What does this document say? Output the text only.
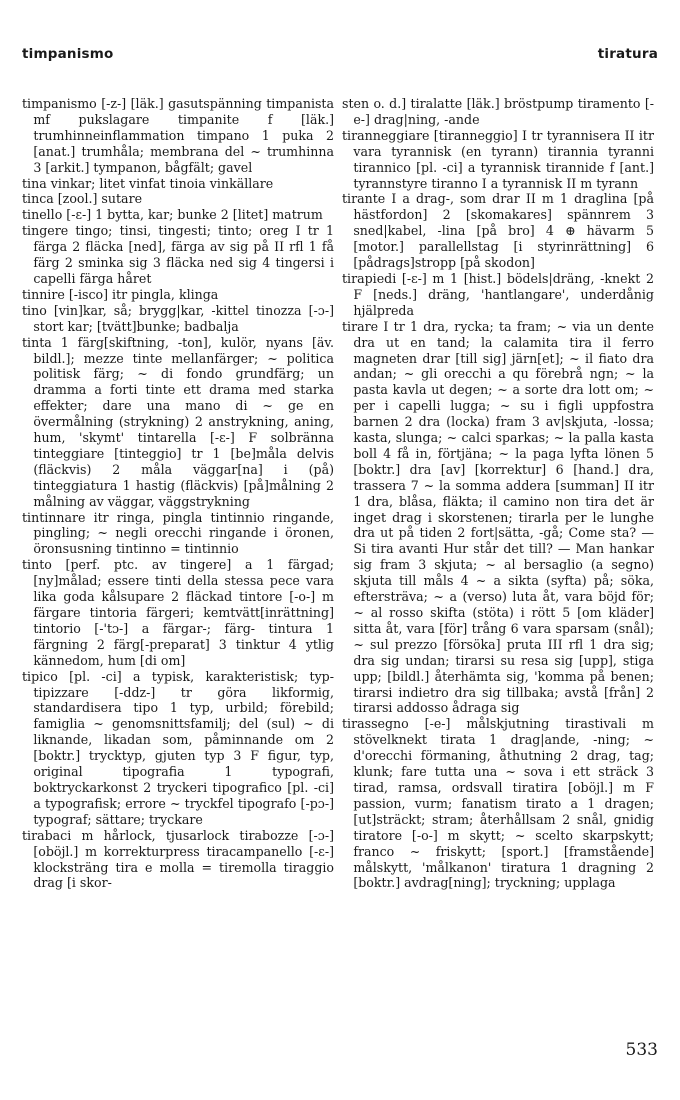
timpanismo	tiratura

timpanismo [-z-] [läk.] gasutspänning timpanista mf pukslagare timpanite f [läk.] trumhinneinflammation timpano 1 puka 2 [anat.] trumhåla; membrana del ~ trumhinna 3 [arkit.] tympanon, bågfält; gavel

tina vinkar; litet vinfat tinoia vinkällare

tinca [zool.] sutare

tinello [-ɛ-] 1 bytta, kar; bunke 2 [litet] matrum

tingere tingo; tinsi, tingesti; tinto; oreg I tr 1 färga 2 fläcka [ned], färga av sig på II rfl 1 få färg 2 sminka sig 3 fläcka ned sig 4 tingersi i capelli färga håret

tinnire [-isco] itr pingla, klinga

tino [vin]kar, så; brygg|kar, -kittel tinozza [-ɔ-] stort kar; [tvätt]bunke; badbalja

tinta 1 färg[skiftning, -ton], kulör, nyans [äv. bildl.]; mezze tinte mellanfärger; ~ politica politisk färg; ~ di fondo grundfärg; un dramma a forti tinte ett drama med starka effekter; dare una mano di ~ ge en övermålning (strykning) 2 anstrykning, aning, hum, 'skymt' tintarella [-ɛ-] F solbränna tinteggiare [tinteggio] tr 1 [be]måla delvis (fläckvis) 2 måla väggar[na] i (på) tinteggiatura 1 hastig (fläckvis) [på]målning 2 målning av väggar, väggstrykning

tintinnare itr ringa, pingla tintinnio ringande, pingling; ~ negli orecchi ringande i öronen, öronsusning tintinno = tintinnio

tinto [perf. ptc. av tingere] a 1 färgad; [ny]målad; essere tinti della stessa pece vara lika goda kålsupare 2 fläckad tintore [-o-] m färgare tintoria färgeri; kemtvätt[inrättning] tintorio [-'tɔ-] a färgar-; färg- tintura 1 färgning 2 färg[-preparat] 3 tinktur 4 ytlig kännedom, hum [di om]

tipico [pl. -ci] a typisk, karakteristisk; typ- tipizzare [-ddz-] tr göra likformig, standardisera tipo 1 typ, urbild; förebild; famiglia ~ genomsnittsfamilj; del (sul) ~ di liknande, likadan som, påminnande om 2 [boktr.] trycktyp, gjuten typ 3 F figur, typ, original tipografia 1 typografi, boktryckarkonst 2 tryckeri tipografico [pl. -ci] a typografisk; errore ~ tryckfel tipografo [-pɔ-] typograf; sättare; tryckare

tirabaci m hårlock, tjusarlock tirabozze [-ɔ-] [oböjl.] m korrekturpress tiracampanello [-ɛ-] klocksträng tira e molla = tiremolla tiraggio drag [i skor-

sten o. d.] tiralatte [läk.] bröstpump tiramento [-e-] drag|ning, -ande

tiranneggiare [tiranneggio] I tr tyrannisera II itr vara tyrannisk (en tyrann) tirannia tyranni tirannico [pl. -ci] a tyrannisk tirannide f [ant.] tyrannstyre tiranno I a tyrannisk II m tyrann

tirante I a drag-, som drar II m 1 draglina [på hästfordon] 2 [skomakares] spännrem 3 sned|kabel, -lina [på bro] 4 ⊕ hävarm 5 [motor.] parallellstag [i styrinrättning] 6 [pådrags]stropp [på skodon]

tirapiedi [-ɛ-] m 1 [hist.] bödels|dräng, -knekt 2 F [neds.] dräng, 'hantlangare', underdånig hjälpreda

tirare I tr 1 dra, rycka; ta fram; ~ via un dente dra ut en tand; la calamita tira il ferro magneten drar [till sig] järn[et]; ~ il fiato dra andan; ~ gli orecchi a qu förebrå ngn; ~ la pasta kavla ut degen; ~ a sorte dra lott om; ~ per i capelli lugga; ~ su i figli uppfostra barnen 2 dra (locka) fram 3 av|skjuta, -lossa; kasta, slunga; ~ calci sparkas; ~ la palla kasta boll 4 få in, förtjäna; ~ la paga lyfta lönen 5 [boktr.] dra [av] [korrektur] 6 [hand.] dra, trassera 7 ~ la somma addera [summan] II itr 1 dra, blåsa, fläkta; il camino non tira det är inget drag i skorstenen; tirarla per le lunghe dra ut på tiden 2 fort|sätta, -gå; Come sta? — Si tira avanti Hur står det till? — Man hankar sig fram 3 skjuta; ~ al bersaglio (a segno) skjuta till måls 4 ~ a sikta (syfta) på; söka, eftersträva; ~ a (verso) luta åt, vara böjd för; ~ al rosso skifta (stöta) i rött 5 [om kläder] sitta åt, vara [för] trång 6 vara sparsam (snål); ~ sul prezzo [försöka] pruta III rfl 1 dra sig; dra sig undan; tirarsi su resa sig [upp], stiga upp; [bildl.] återhämta sig, 'komma på benen; tirarsi indietro dra sig tillbaka; avstå [från] 2 tirarsi addosso ådraga sig

tirassegno [-e-] målskjutning tirastivali m stövelknekt tirata 1 drag|ande, -ning; ~ d'orecchi förmaning, åthutning 2 drag, tag; klunk; fare tutta una ~ sova i ett sträck 3 tirad, ramsa, ordsvall tiratira [oböjl.] m F passion, vurm; fanatism tirato a 1 dragen; [ut]sträckt; stram; återhållsam 2 snål, gnidig tiratore [-o-] m skytt; ~ scelto skarpskytt; franco ~ friskytt; [sport.] [framstående] målskytt, 'målkanon' tiratura 1 dragning 2 [boktr.] avdrag[ning]; tryckning; upplaga

533
